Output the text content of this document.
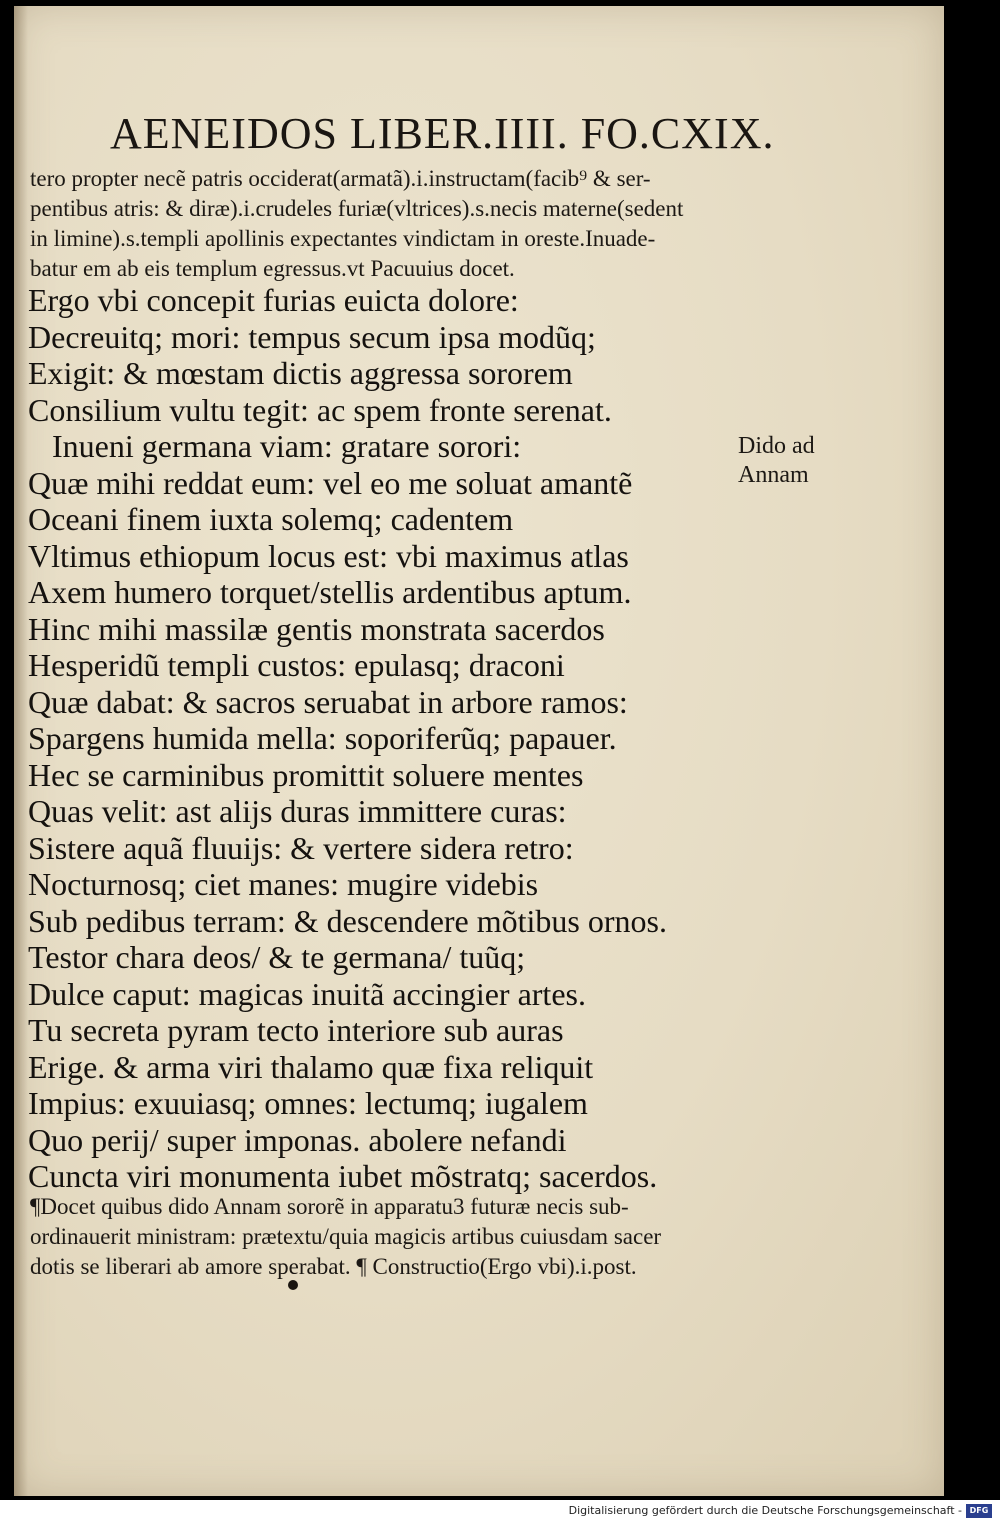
AENEIDOS LIBER.IIII. FO.CXIX.
tero propter necẽ patris occiderat(armatã).i.instructam(facib⁹ & ser-
pentibus atris: & diræ).i.crudeles furiæ(vltrices).s.necis materne(sedent
in limine).s.templi apollinis expectantes vindictam in oreste.Inuade-
batur em ab eis templum egressus.vt Pacuuius docet.
Ergo vbi concepit furias euicta dolore:
Decreuitq; mori: tempus secum ipsa modũq;
Exigit: & mœstam dictis aggressa sororem
Consilium vultu tegit: ac spem fronte serenat.
Inueni germana viam: gratare sorori:
Quæ mihi reddat eum: vel eo me soluat amantẽ
Oceani finem iuxta solemq; cadentem
Vltimus ethiopum locus est: vbi maximus atlas
Axem humero torquet/stellis ardentibus aptum.
Hinc mihi massilæ gentis monstrata sacerdos
Hesperidũ templi custos: epulasq; draconi
Quæ dabat: & sacros seruabat in arbore ramos:
Spargens humida mella: soporiferũq; papauer.
Hec se carminibus promittit soluere mentes
Quas velit: ast alijs duras immittere curas:
Sistere aquã fluuijs: & vertere sidera retro:
Nocturnosq; ciet manes: mugire videbis
Sub pedibus terram: & descendere mõtibus ornos.
Testor chara deos/ & te germana/ tuũq;
Dulce caput: magicas inuitã accingier artes.
Tu secreta pyram tecto interiore sub auras
Erige. & arma viri thalamo quæ fixa reliquit
Impius: exuuiasq; omnes: lectumq; iugalem
Quo perij/ super imponas. abolere nefandi
Cuncta viri monumenta iubet mõstratq; sacerdos.
Dido ad
Annam
¶Docet quibus dido Annam sororẽ in apparatu3 futuræ necis sub-
ordinauerit ministram: prætextu/quia magicis artibus cuiusdam sacer
dotis se liberari ab amore sperabat. ¶ Constructio(Ergo vbi).i.post.
Digitalisierung gefördert durch die Deutsche Forschungsgemeinschaft - DFG
